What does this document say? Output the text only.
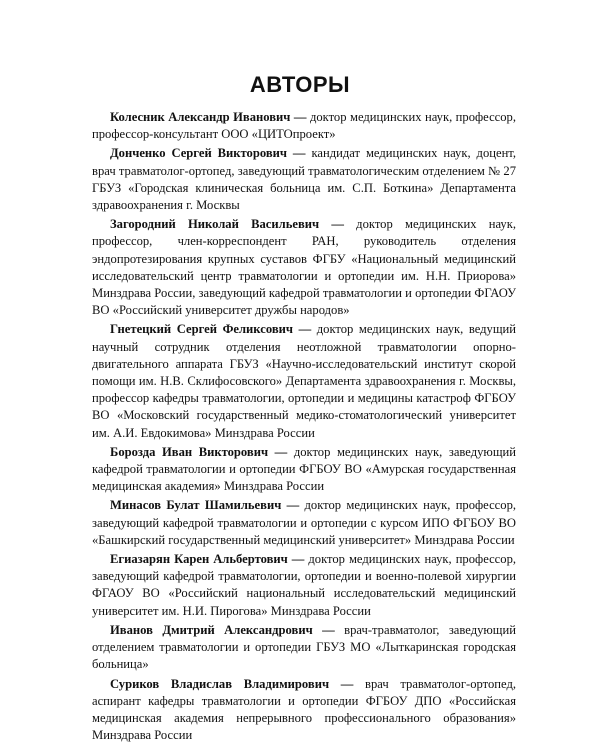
АВТОРЫ

Колесник Александр Иванович — доктор медицинских наук, профессор, профессор-консультант ООО «ЦИТОпроект»

Донченко Сергей Викторович — кандидат медицинских наук, доцент, врач травматолог-ортопед, заведующий травматологическим отделением № 27 ГБУЗ «Городская клиническая больница им. С.П. Боткина» Департамента здравоохранения г. Москвы

Загородний Николай Васильевич — доктор медицинских наук, профессор, член-корреспондент РАН, руководитель отделения эндопротезирования крупных суставов ФГБУ «Национальный медицинский исследовательский центр травматологии и ортопедии им. Н.Н. Приорова» Минздрава России, заведующий кафедрой травматологии и ортопедии ФГАОУ ВО «Российский университет дружбы народов»

Гнетецкий Сергей Феликсович — доктор медицинских наук, ведущий научный сотрудник отделения неотложной травматологии опорно-двигательного аппарата ГБУЗ «Научно-исследовательский институт скорой помощи им. Н.В. Склифосовского» Департамента здравоохранения г. Москвы, профессор кафедры травматологии, ортопедии и медицины катастроф ФГБОУ ВО «Московский государственный медико-стоматологический университет им. А.И. Евдокимова» Минздрава России

Борозда Иван Викторович — доктор медицинских наук, заведующий кафедрой травматологии и ортопедии ФГБОУ ВО «Амурская государственная медицинская академия» Минздрава России

Минасов Булат Шамильевич — доктор медицинских наук, профессор, заведующий кафедрой травматологии и ортопедии с курсом ИПО ФГБОУ ВО «Башкирский государственный медицинский университет» Минздрава России

Егиазарян Карен Альбертович — доктор медицинских наук, профессор, заведующий кафедрой травматологии, ортопедии и военно-полевой хирургии ФГАОУ ВО «Российский национальный исследовательский медицинский университет им. Н.И. Пирогова» Минздрава России

Иванов Дмитрий Александрович — врач-травматолог, заведующий отделением травматологии и ортопедии ГБУЗ МО «Лыткаринская городская больница»

Суриков Владислав Владимирович — врач травматолог-ортопед, аспирант кафедры травматологии и ортопедии ФГБОУ ДПО «Российская медицинская академия непрерывного профессионального образования» Минздрава России
